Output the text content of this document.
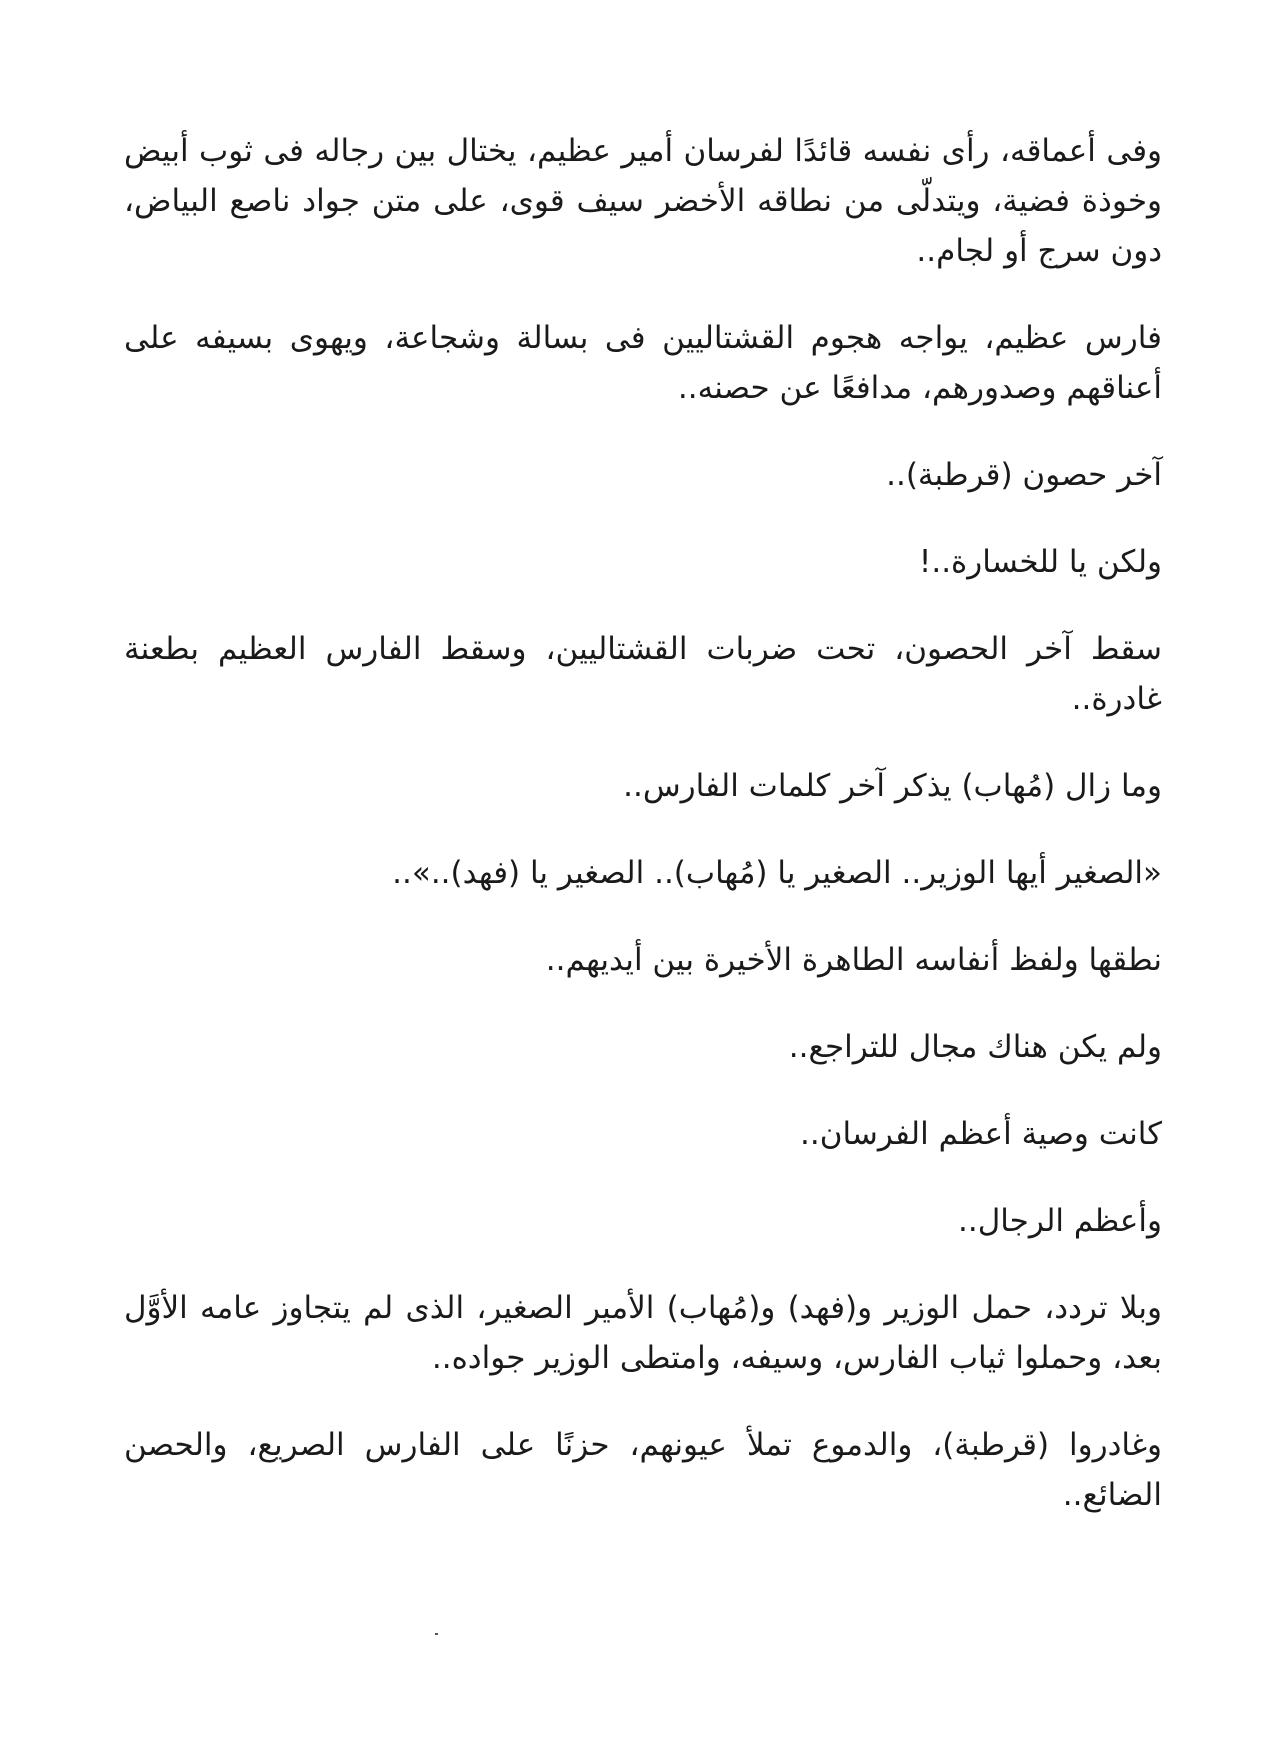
وفى أعماقه، رأى نفسه قائدًا لفرسان أمير عظيم، يختال بين رجاله فى ثوب أبيض وخوذة فضية، ويتدلّى من نطاقه الأخضر سيف قوى، على متن جواد ناصع البياض، دون سرج أو لجام..

فارس عظيم، يواجه هجوم القشتاليين فى بسالة وشجاعة، ويهوى بسيفه على أعناقهم وصدورهم، مدافعًا عن حصنه..

آخر حصون (قرطبة)..

ولكن يا للخسارة..!

سقط آخر الحصون، تحت ضربات القشتاليين، وسقط الفارس العظيم بطعنة غادرة..

وما زال (مُهاب) يذكر آخر كلمات الفارس..

«الصغير أيها الوزير.. الصغير يا (مُهاب).. الصغير يا (فهد)..»..

نطقها ولفظ أنفاسه الطاهرة الأخيرة بين أيديهم..

ولم يكن هناك مجال للتراجع..

كانت وصية أعظم الفرسان..

وأعظم الرجال..

وبلا تردد، حمل الوزير و(فهد) و(مُهاب) الأمير الصغير، الذى لم يتجاوز عامه الأوَّل بعد، وحملوا ثياب الفارس، وسيفه، وامتطى الوزير جواده..

وغادروا (قرطبة)، والدموع تملأ عيونهم، حزنًا على الفارس الصريع، والحصن الضائع..
